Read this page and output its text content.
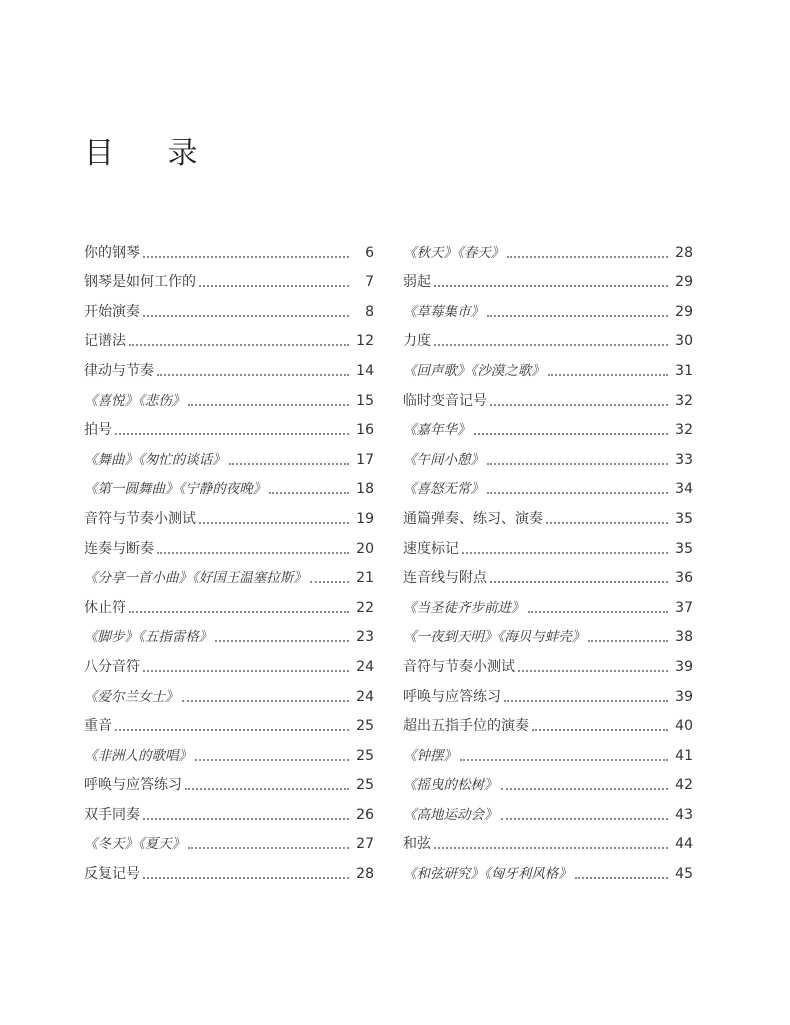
目 录
你的钢琴	6
钢琴是如何工作的	7
开始演奏	8
记谱法	12
律动与节奏	14
《喜悦》《悲伤》	15
拍号	16
《舞曲》《匆忙的谈话》	17
《第一圆舞曲》《宁静的夜晚》	18
音符与节奏小测试	19
连奏与断奏	20
《分享一首小曲》《好国王温塞拉斯》	21
休止符	22
《脚步》《五指雷格》	23
八分音符	24
《爱尔兰女士》	24
重音	25
《非洲人的歌唱》	25
呼唤与应答练习	25
双手同奏	26
《冬天》《夏天》	27
反复记号	28
《秋天》《春天》	28
弱起	29
《草莓集市》	29
力度	30
《回声歌》《沙漠之歌》	31
临时变音记号	32
《嘉年华》	32
《午间小憩》	33
《喜怒无常》	34
通篇弹奏、练习、演奏	35
速度标记	35
连音线与附点	36
《当圣徒齐步前进》	37
《一夜到天明》《海贝与蚌壳》	38
音符与节奏小测试	39
呼唤与应答练习	39
超出五指手位的演奏	40
《钟摆》	41
《摇曳的松树》	42
《高地运动会》	43
和弦	44
《和弦研究》《匈牙利风格》	45
